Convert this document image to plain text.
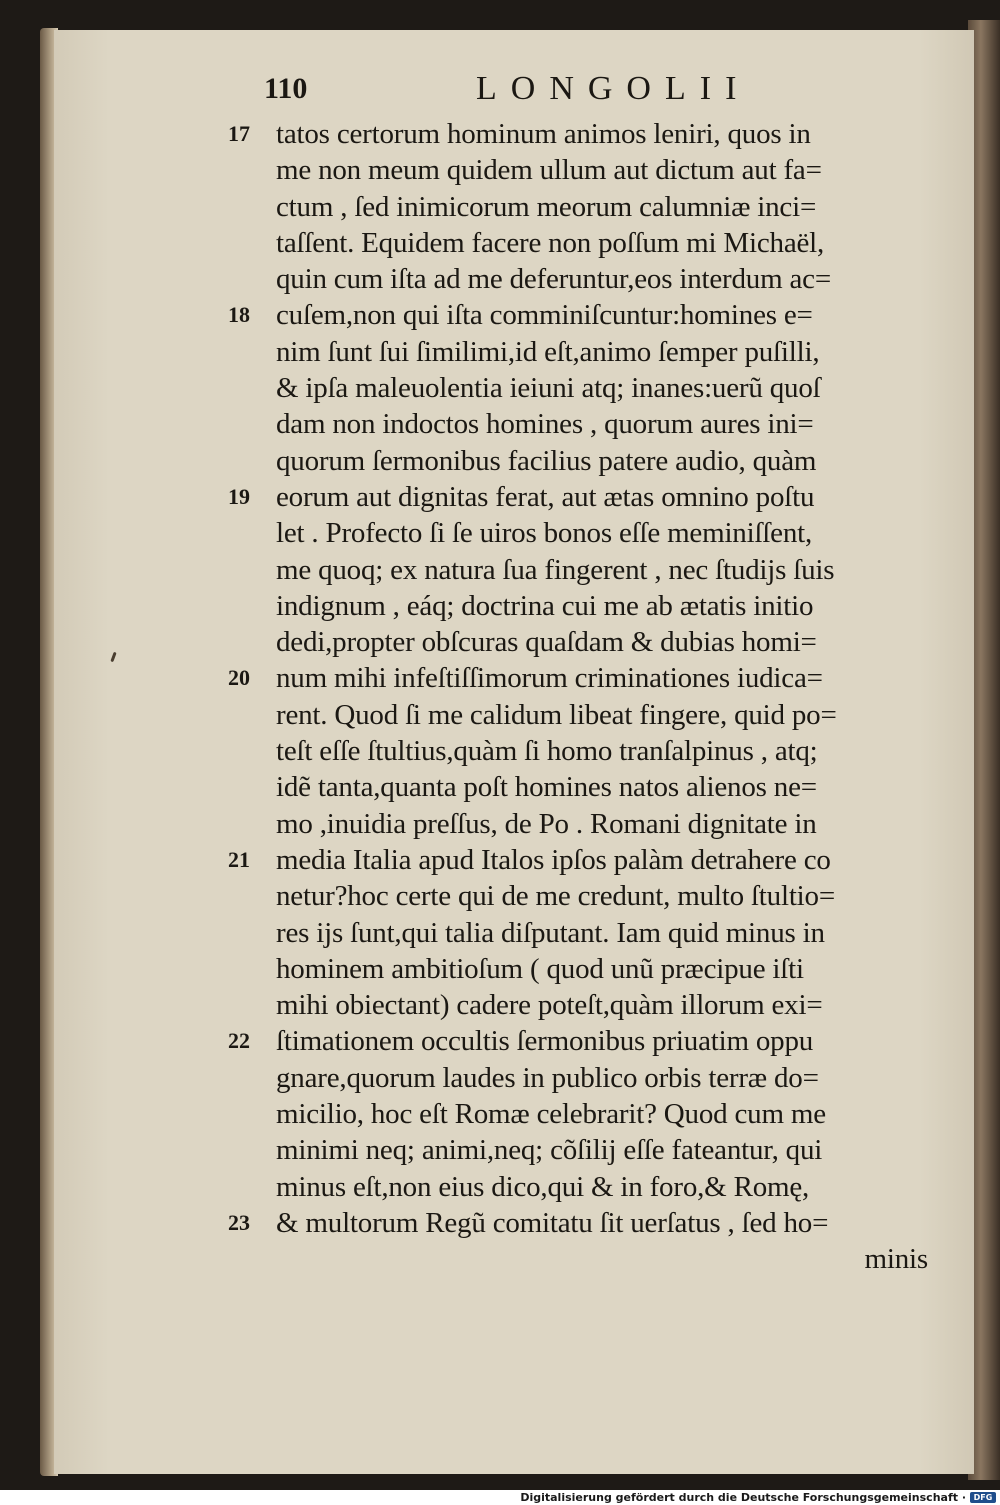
110	LONGOLII
17 tatos certorum hominum animos leniri, quos in
me non meum quidem ullum aut dictum aut fa=
ctum , ſed inimicorum meorum calumniæ inci=
taſſent. Equidem facere non poſſum mi Michaël,
quin cum iſta ad me deferuntur,eos interdum ac=
18 cuſem,non qui iſta comminiſcuntur:homines e=
nim ſunt ſui ſimilimi,id eſt,animo ſemper puſilli,
& ipſa maleuolentia ieiuni atq; inanes:uerũ quoſ
dam non indoctos homines , quorum aures ini=
quorum ſermonibus facilius patere audio, quàm
19 eorum aut dignitas ferat, aut ætas omnino poſtu
let . Profecto ſi ſe uiros bonos eſſe meminiſſent,
me quoq; ex natura ſua fingerent , nec ſtudijs ſuis
indignum , eáq; doctrina cui me ab ætatis initio
dedi,propter obſcuras quaſdam & dubias homi=
20 num mihi infeſtiſſimorum criminationes iudica=
rent. Quod ſi me calidum libeat fingere, quid po=
teſt eſſe ſtultius,quàm ſi homo tranſalpinus , atq;
idẽ tanta,quanta poſt homines natos alienos ne=
mo ,inuidia preſſus, de Po . Romani dignitate in
21 media Italia apud Italos ipſos palàm detrahere co
netur?hoc certe qui de me credunt, multo ſtultio=
res ijs ſunt,qui talia diſputant. Iam quid minus in
hominem ambitioſum ( quod unũ præcipue iſti
mihi obiectant) cadere poteſt,quàm illorum exi=
22 ſtimationem occultis ſermonibus priuatim oppu
gnare,quorum laudes in publico orbis terræ do=
micilio, hoc eſt Romæ celebrarit? Quod cum me
minimi neq; animi,neq; cõſilij eſſe fateantur, qui
minus eſt,non eius dico,qui & in foro,& Romę,
23 & multorum Regũ comitatu ſit uerſatus , ſed ho=
minis
Digitalisierung gefördert durch die Deutsche Forschungsgemeinschaft · DFG
